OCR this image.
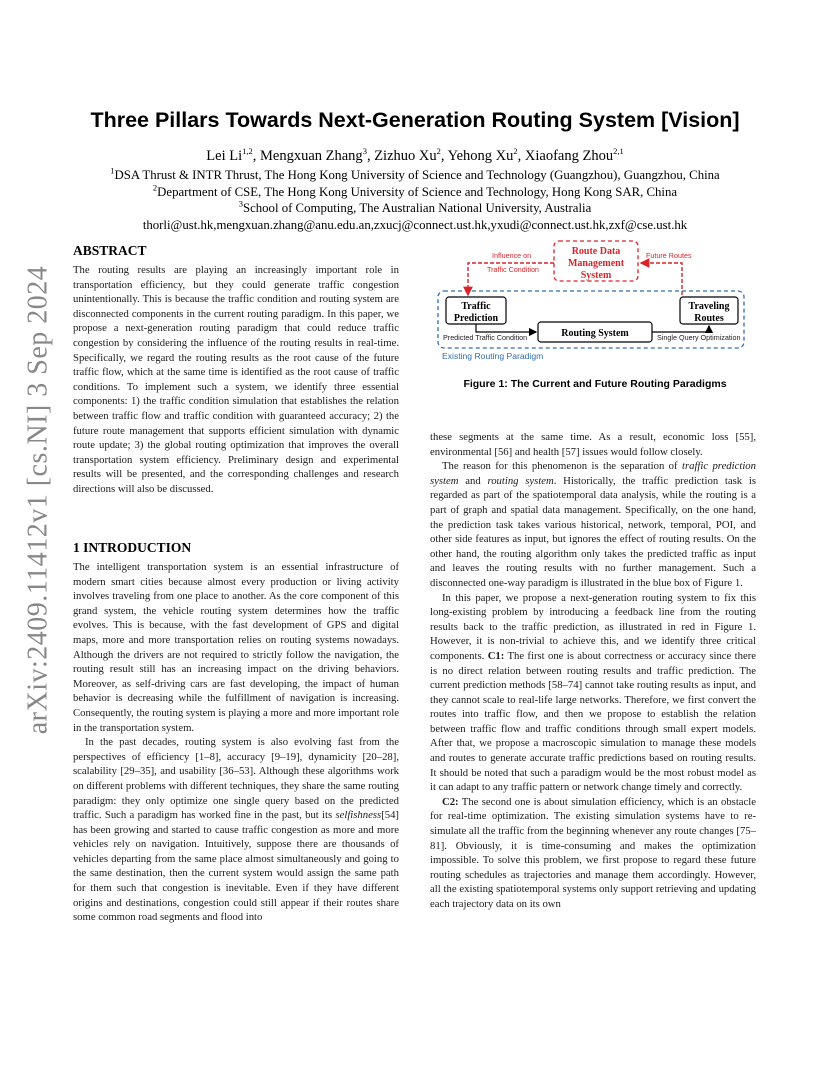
arXiv:2409.11412v1 [cs.NI] 3 Sep 2024
Three Pillars Towards Next-Generation Routing System [Vision]
Lei Li$^{1,2}$, Mengxuan Zhang$^3$, Zizhuo Xu$^2$, Yehong Xu$^2$, Xiaofang Zhou$^{2,1}$
$^1$DSA Thrust & INTR Thrust, The Hong Kong University of Science and Technology (Guangzhou), Guangzhou, China
$^2$Department of CSE, The Hong Kong University of Science and Technology, Hong Kong SAR, China
$^3$School of Computing, The Australian National University, Australia
thorli@ust.hk,mengxuan.zhang@anu.edu.an,zxucj@connect.ust.hk,yxudi@connect.ust.hk,zxf@cse.ust.hk
ABSTRACT

The routing results are playing an increasingly important role in transportation efficiency, but they could generate traffic congestion unintentionally. This is because the traffic condition and routing system are disconnected components in the current routing paradigm. In this paper, we propose a next-generation routing paradigm that could reduce traffic congestion by considering the influence of the routing results in real-time. Specifically, we regard the routing results as the root cause of the future traffic flow, which at the same time is identified as the root cause of traffic conditions. To implement such a system, we identify three essential components: 1) the traffic condition simulation that establishes the relation between traffic flow and traffic condition with guaranteed accuracy; 2) the future route management that supports efficient simulation with dynamic route update; 3) the global routing optimization that improves the overall transportation system efficiency. Preliminary design and experimental results will be presented, and the corresponding challenges and research directions will also be discussed.

1 INTRODUCTION

The intelligent transportation system is an essential infrastructure of modern smart cities because almost every production or living activity involves traveling from one place to another. As the core component of this grand system, the vehicle routing system determines how the traffic evolves. This is because, with the fast development of GPS and digital maps, more and more transportation relies on routing systems nowadays. Although the drivers are not required to strictly follow the navigation, the routing result still has an increasing impact on the driving behaviors. Moreover, as self-driving cars are fast developing, the impact of human behavior is decreasing while the fulfillment of navigation is increasing. Consequently, the routing system is playing a more and more important role in the transportation system.

In the past decades, routing system is also evolving fast from the perspectives of efficiency [1–8], accuracy [9–19], dynamicity [20–28], scalability [29–35], and usability [36–53]. Although these algorithms work on different problems with different techniques, they share the same routing paradigm: they only optimize one single query based on the predicted traffic. Such a paradigm has worked fine in the past, but its selfishness[54] has been growing and started to cause traffic congestion as more and more vehicles rely on navigation. Intuitively, suppose there are thousands of vehicles departing from the same place almost simultaneously and going to the same destination, then the current system would assign the same path for them such that congestion is inevitable. Even if they have different origins and destinations, congestion could still appear if their routes share some common road segments and flood into

Route Data
Management
System
Traffic
Prediction
Routing System
Traveling
Routes
Influence on
Traffic Condition
Future Routes
Predicted Traffic Condition	Single Query Optimization
Existing Routing Paradigm
Figure 1: The Current and Future Routing Paradigms

these segments at the same time. As a result, economic loss [55], environmental [56] and health [57] issues would follow closely.

The reason for this phenomenon is the separation of traffic prediction system and routing system. Historically, the traffic prediction task is regarded as part of the spatiotemporal data analysis, while the routing is a part of graph and spatial data management. Specifically, on the one hand, the prediction task takes various historical, network, temporal, POI, and other side features as input, but ignores the effect of routing results. On the other hand, the routing algorithm only takes the predicted traffic as input and leaves the routing results with no further management. Such a disconnected one-way paradigm is illustrated in the blue box of Figure 1.

In this paper, we propose a next-generation routing system to fix this long-existing problem by introducing a feedback line from the routing results back to the traffic prediction, as illustrated in red in Figure 1. However, it is non-trivial to achieve this, and we identify three critical components. C1: The first one is about correctness or accuracy since there is no direct relation between routing results and traffic prediction. The current prediction methods [58–74] cannot take routing results as input, and they cannot scale to real-life large networks. Therefore, we first convert the routes into traffic flow, and then we propose to establish the relation between traffic flow and traffic conditions through small expert models. After that, we propose a macroscopic simulation to manage these models and routes to generate accurate traffic predictions based on routing results. It should be noted that such a paradigm would be the most robust model as it can adapt to any traffic pattern or network change timely and correctly.

C2: The second one is about simulation efficiency, which is an obstacle for real-time optimization. The existing simulation systems have to re-simulate all the traffic from the beginning whenever any route changes [75–81]. Obviously, it is time-consuming and makes the optimization impossible. To solve this problem, we first propose to regard these future routing schedules as trajectories and manage them accordingly. However, all the existing spatiotemporal systems only support retrieving and updating each trajectory data on its own
